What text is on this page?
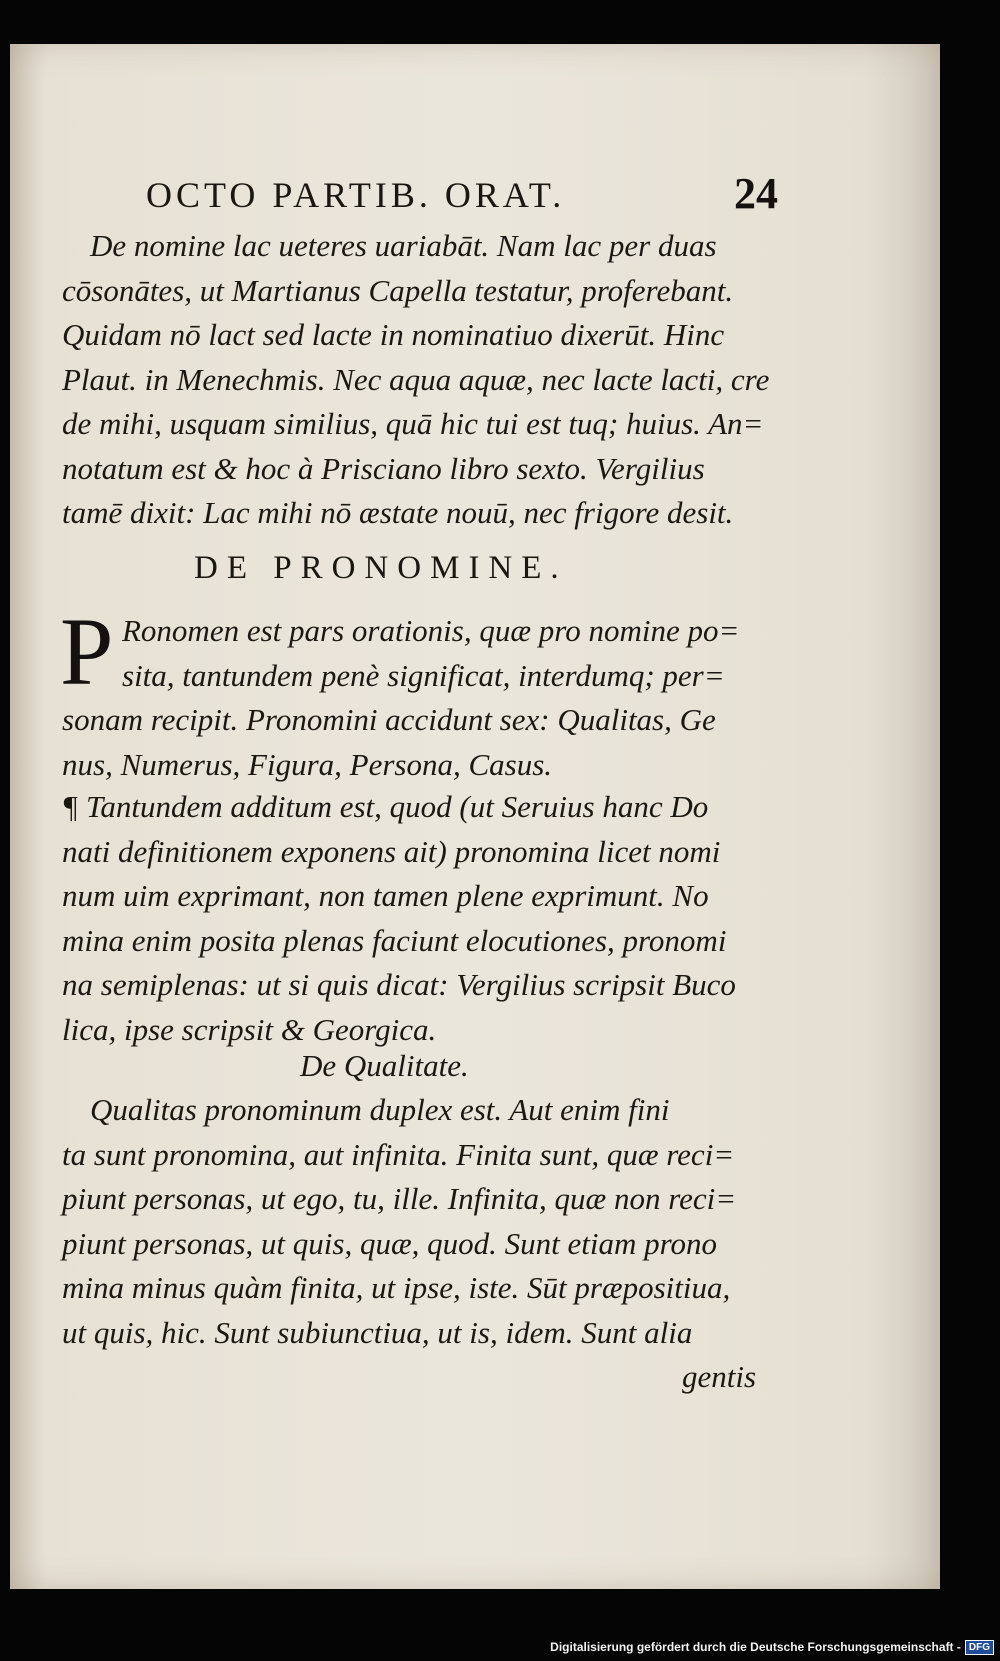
OCTO PARTIB. ORAT.	24
De nomine lac ueteres uariabāt. Nam lac per duas
cōsonātes, ut Martianus Capella testatur, proferebant.
Quidam nō lact sed lacte in nominatiuo dixerūt. Hinc
Plaut. in Menechmis. Nec aqua aquæ, nec lacte lacti, cre
de mihi, usquam similius, quā hic tui est tuq; huius. An=
notatum est & hoc à Prisciano libro sexto. Vergilius
tamē dixit: Lac mihi nō æstate nouū, nec frigore desit.
DE PRONOMINE.
P Ronomen est pars orationis, quæ pro nomine po=
sita, tantundem penè significat, interdumq; per=
sonam recipit. Pronomini accidunt sex: Qualitas, Ge
nus, Numerus, Figura, Persona, Casus.
¶ Tantundem additum est, quod (ut Seruius hanc Do
nati definitionem exponens ait) pronomina licet nomi
num uim exprimant, non tamen plene exprimunt. No
mina enim posita plenas faciunt elocutiones, pronomi
na semiplenas: ut si quis dicat: Vergilius scripsit Buco
lica, ipse scripsit & Georgica.
De Qualitate.
Qualitas pronominum duplex est. Aut enim fini
ta sunt pronomina, aut infinita. Finita sunt, quæ reci=
piunt personas, ut ego, tu, ille. Infinita, quæ non reci=
piunt personas, ut quis, quæ, quod. Sunt etiam prono
mina minus quàm finita, ut ipse, iste. Sūt præpositiua,
ut quis, hic. Sunt subiunctiua, ut is, idem. Sunt alia
gentis
Digitalisierung gefördert durch die Deutsche Forschungsgemeinschaft - DFG
